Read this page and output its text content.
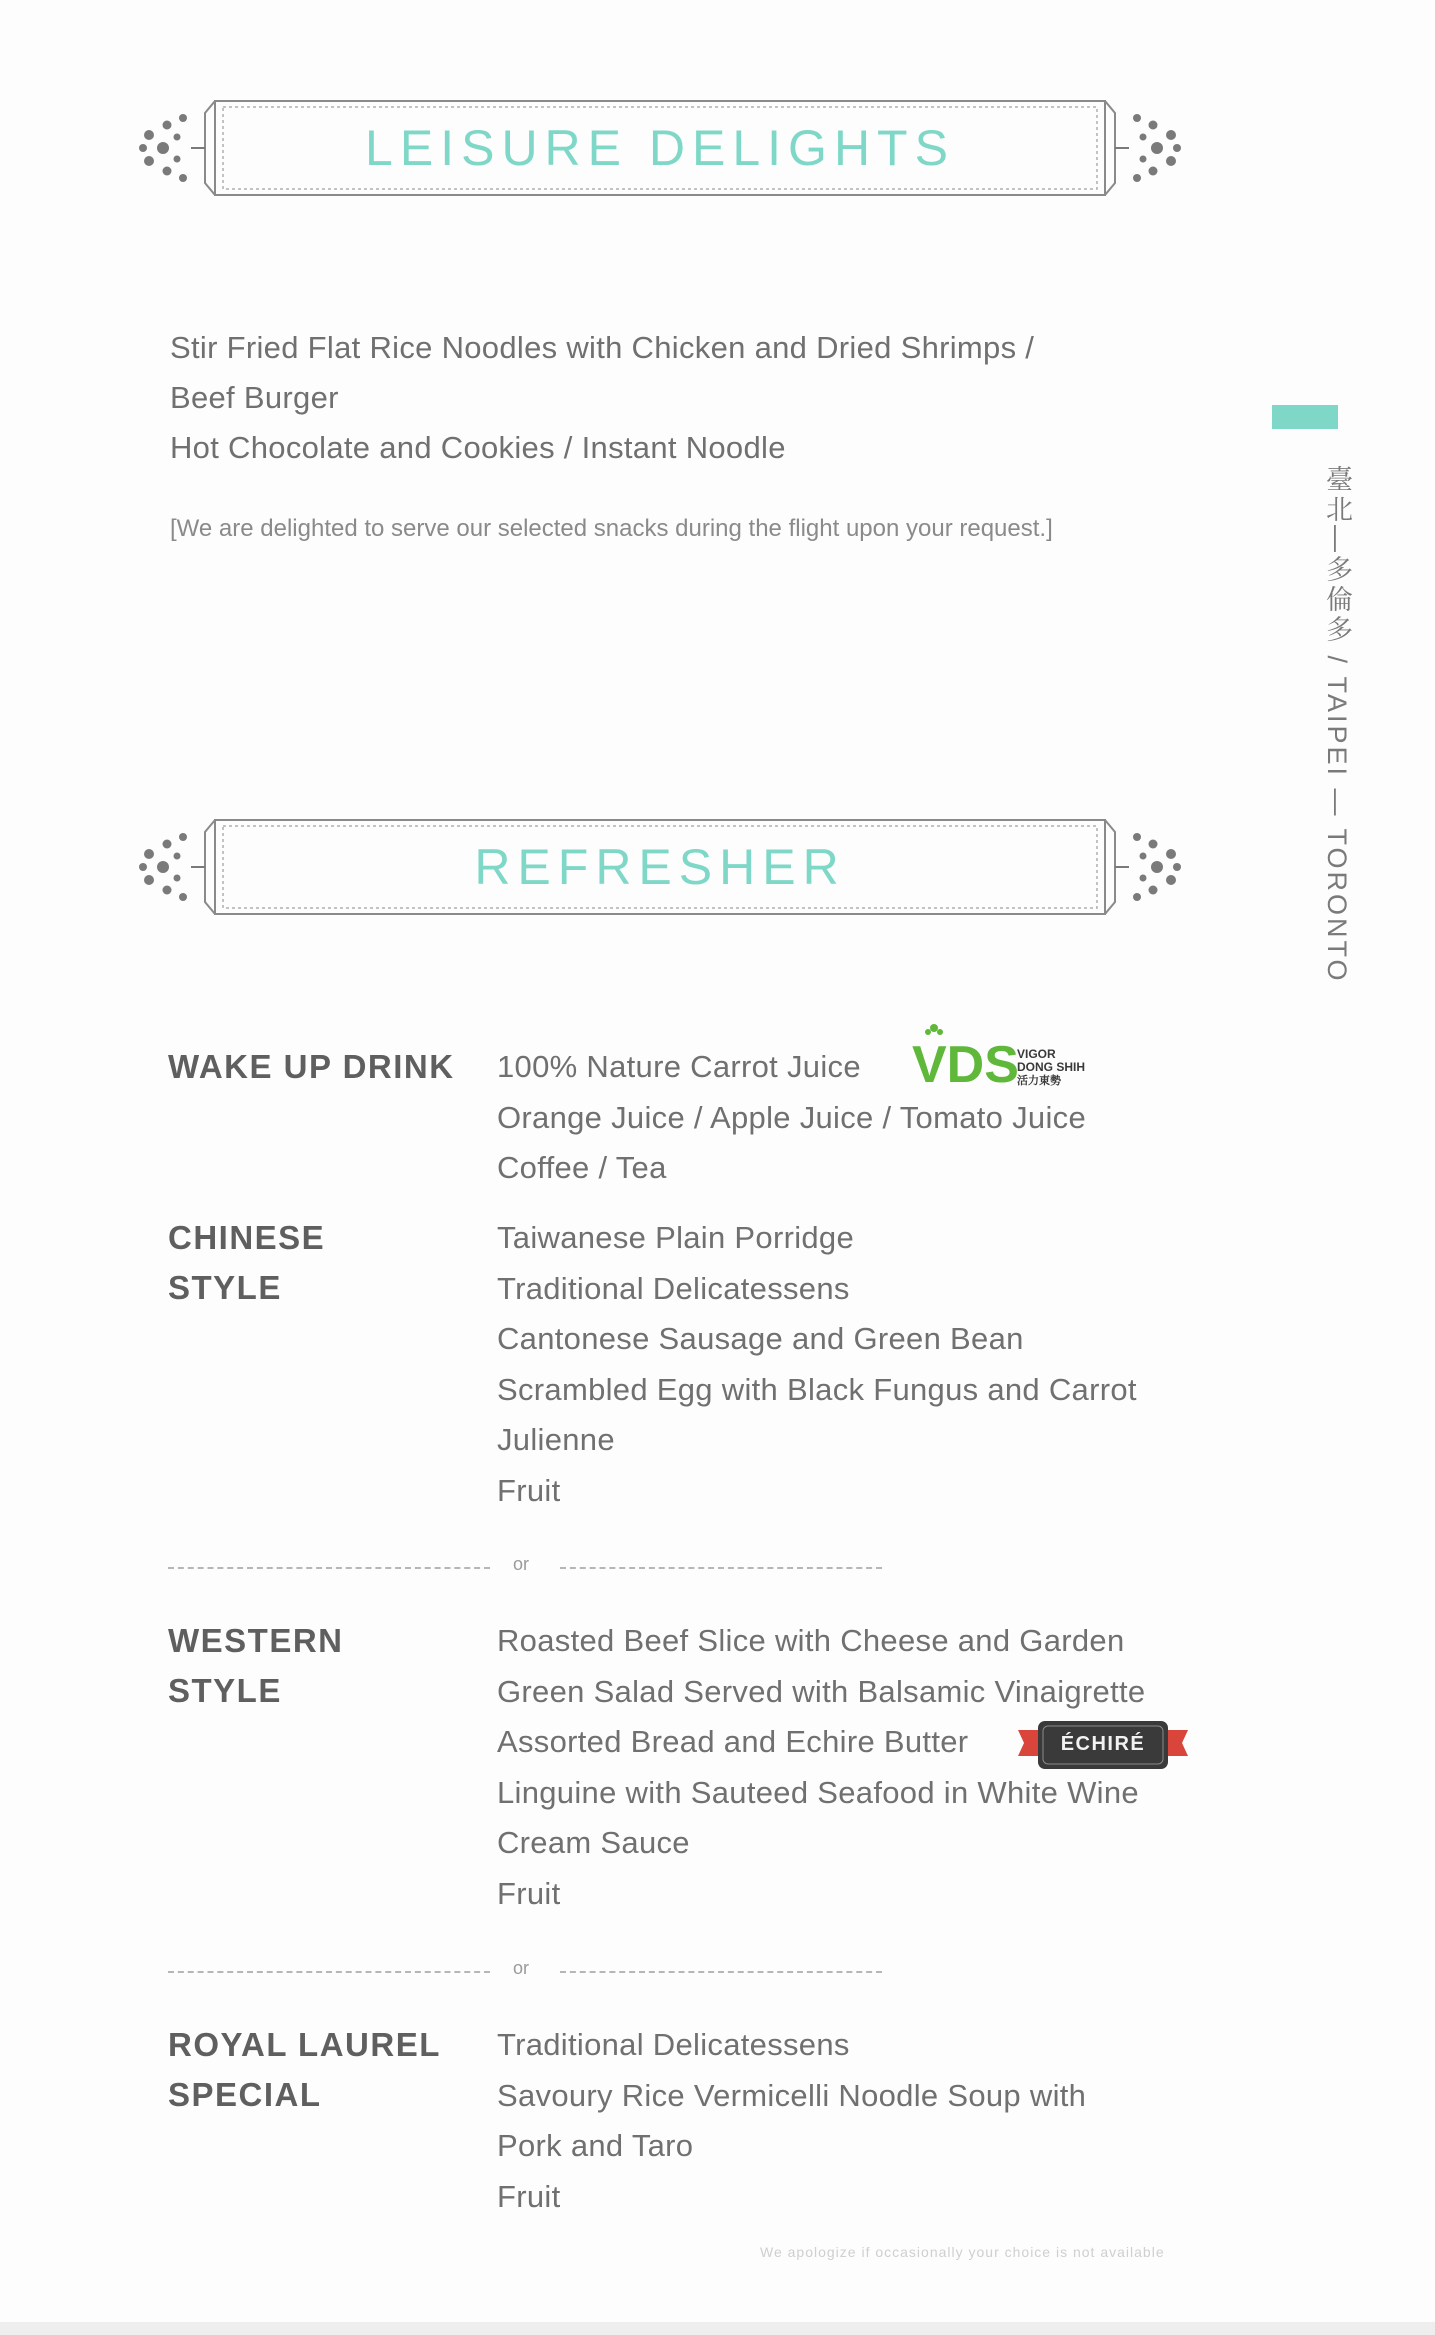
LEISURE DELIGHTS
Stir Fried Flat Rice Noodles with Chicken and Dried Shrimps /
Beef Burger
Hot Chocolate and Cookies / Instant Noodle
[We are delighted to serve our selected snacks during the flight upon your request.]	臺北—多倫多 / TAIPEI — TORONTO
REFRESHER
WAKE UP DRINK 100% Nature Carrot Juice
Orange Juice / Apple Juice / Tomato Juice
Coffee / Tea
VDS
VIGOR
DONG SHIH
活力東勢
CHINESE
STYLE
Taiwanese Plain Porridge
Traditional Delicatessens
Cantonese Sausage and Green Bean
Scrambled Egg with Black Fungus and Carrot
Julienne
Fruit
or
WESTERN
STYLE
Roasted Beef Slice with Cheese and Garden
Green Salad Served with Balsamic Vinaigrette
Assorted Bread and Echire Butter
Linguine with Sauteed Seafood in White Wine
Cream Sauce
Fruit
ÉCHIRÉ
or
ROYAL LAUREL
SPECIAL
Traditional Delicatessens
Savoury Rice Vermicelli Noodle Soup with
Pork and Taro
Fruit
We apologize if occasionally your choice is not available
